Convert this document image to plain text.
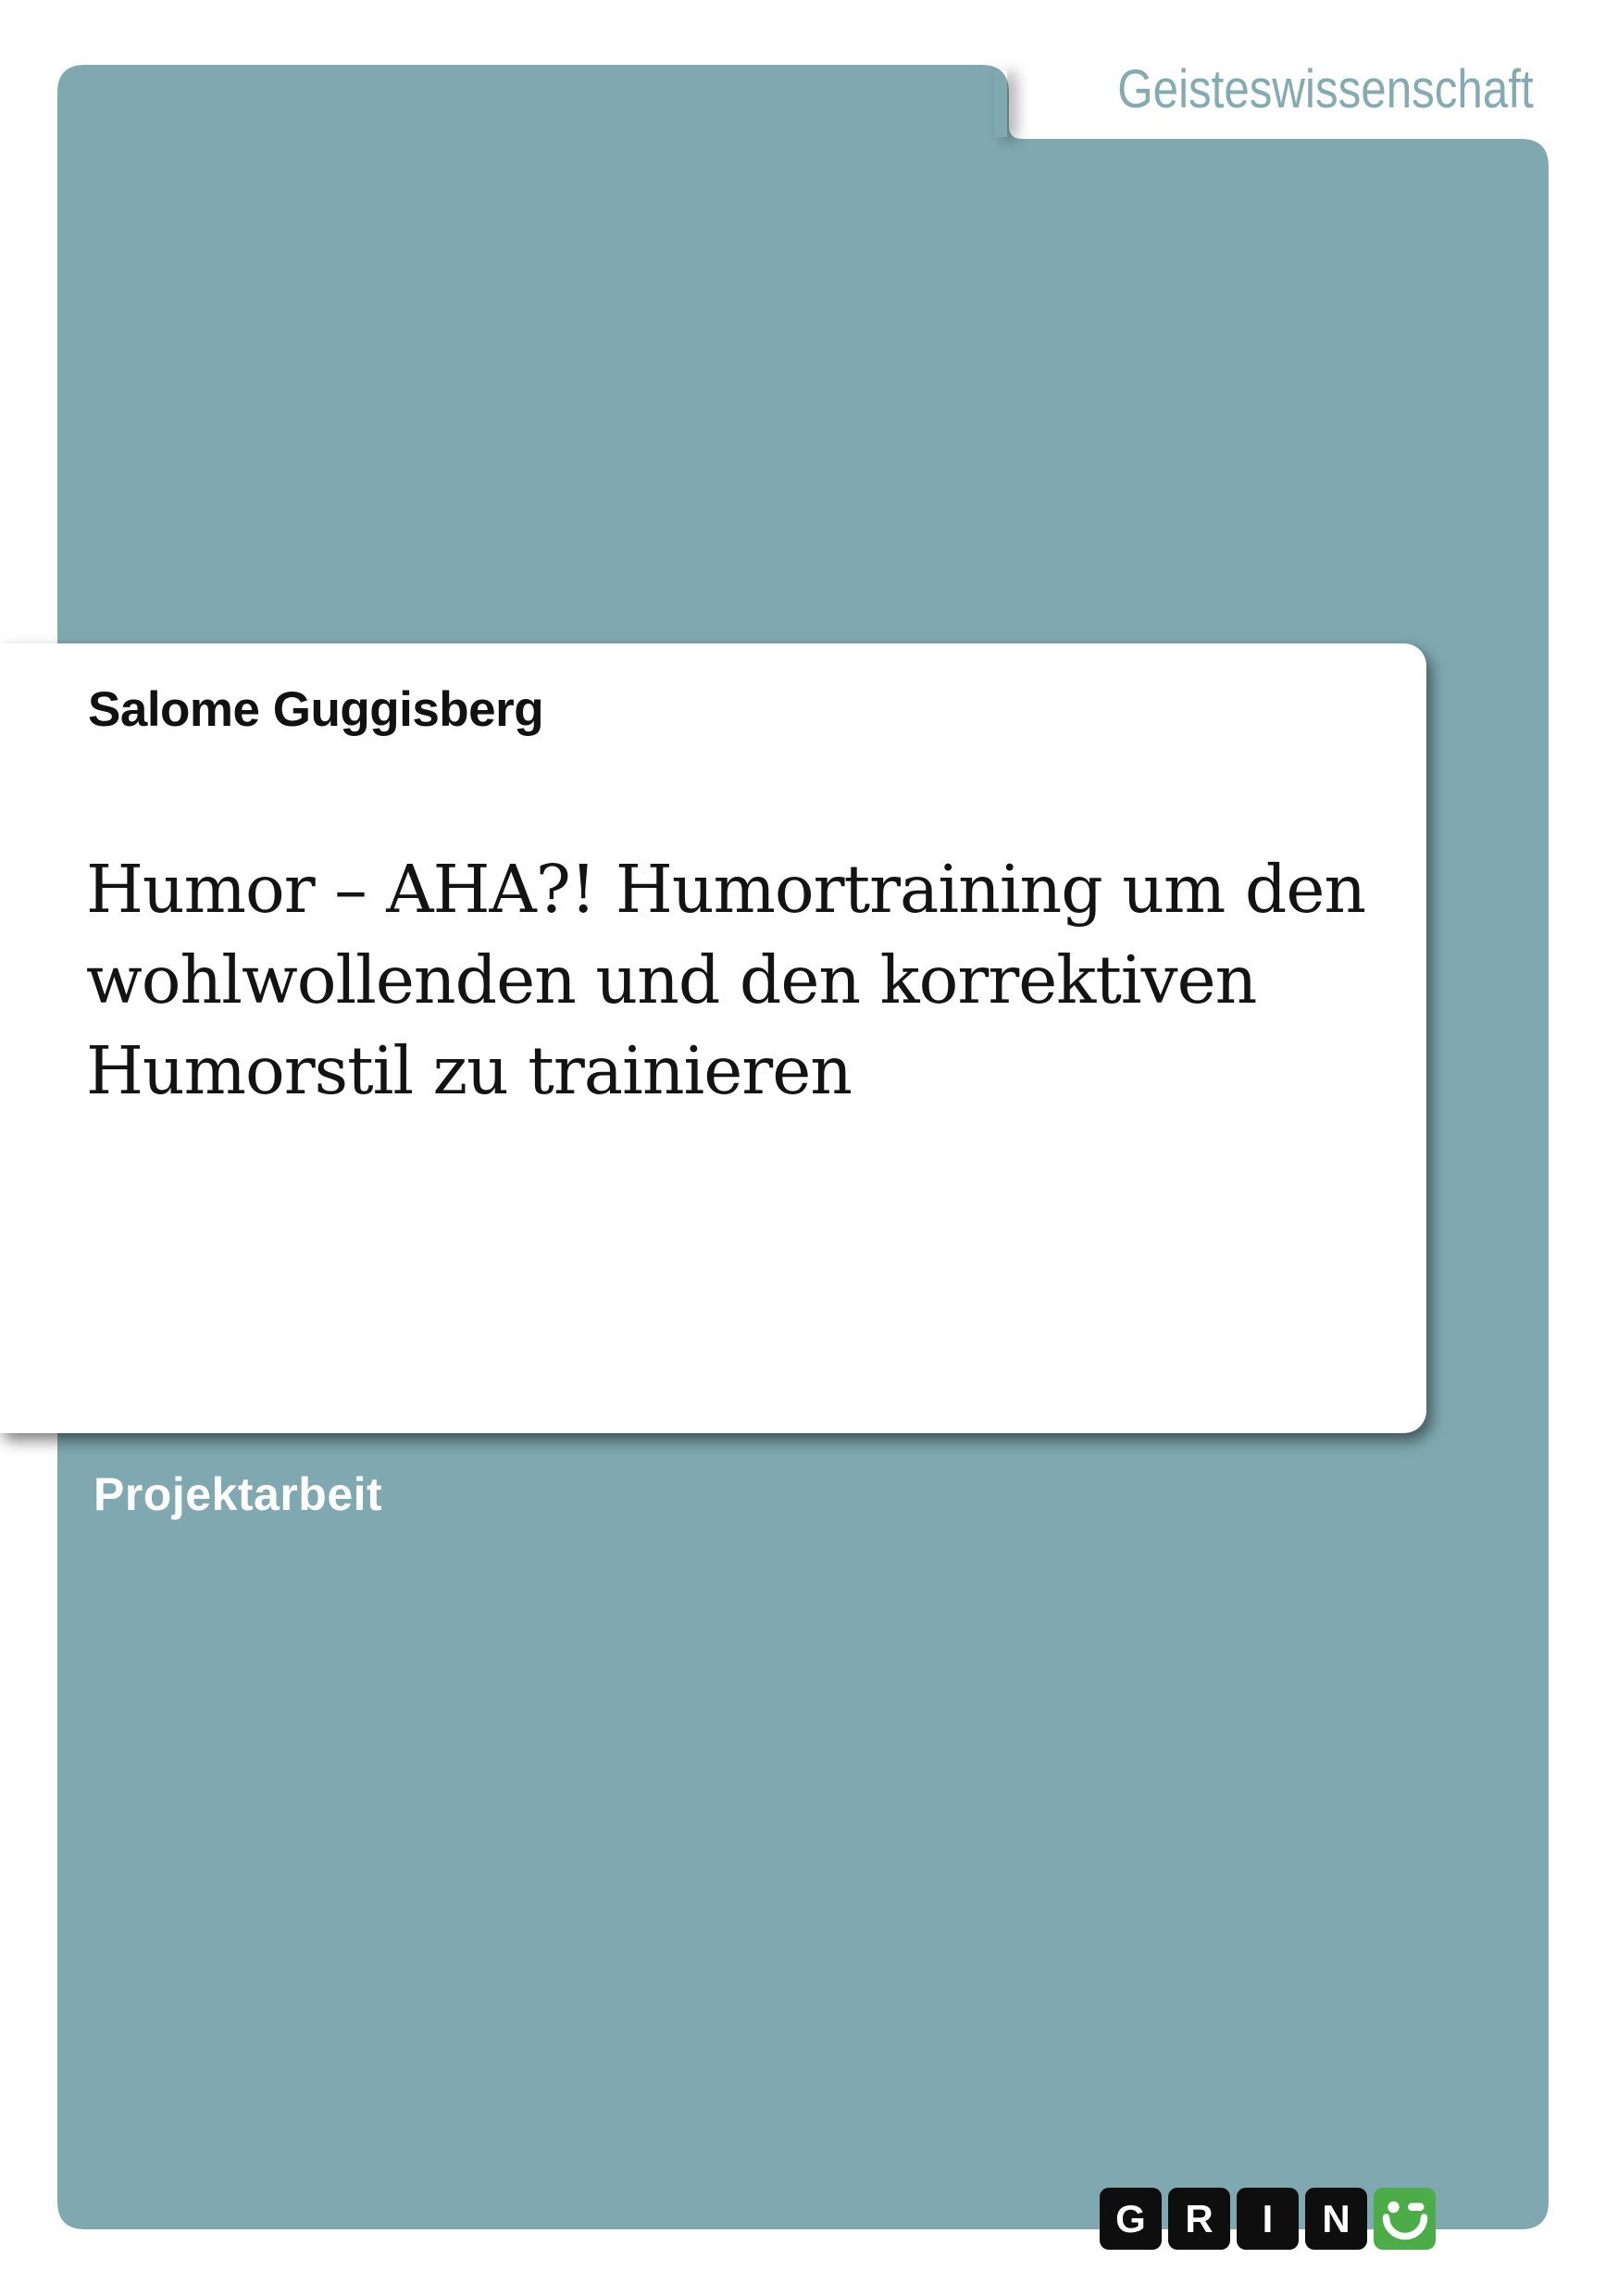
Geisteswissenschaft
Salome Guggisberg
Humor – AHA?! Humortraining um den
wohlwollenden und den korrektiven
Humorstil zu trainieren
Projektarbeit
G	R	I	N
